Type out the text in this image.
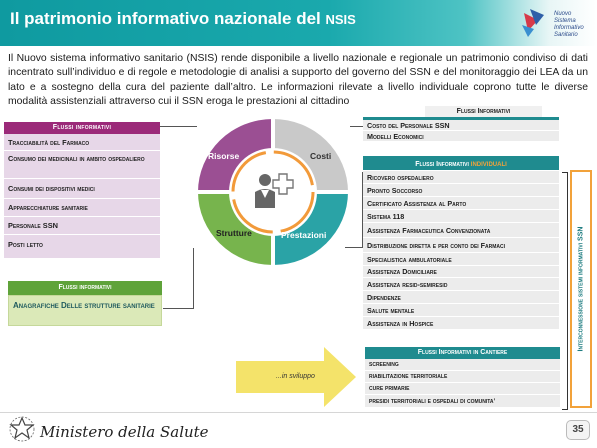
Il patrimonio informativo nazionale del NSIS	Nuovo
Sistema
Informativo
Sanitario
Il Nuovo sistema informativo sanitario (NSIS) rende disponibile a livello nazionale e regionale un patrimonio condiviso di dati incentrato sull’individuo e di regole e metodologie di analisi a supporto del governo del SSN e del monitoraggio dei LEA da un lato e a sostegno della cura del paziente dall’altro. Le informazioni rilevate a livello individuale coprono tutte le diverse modalità assistenziali attraverso cui il SSN eroga le prestazioni al cittadino
Flussi informativi
Tracciabilità del Farmaco
Consumo dei medicinali in ambito ospedaliero
Consumi dei dispositivi medici
Apparecchiature sanitarie
Personale SSN
Posti letto
Flussi informativi
Anagrafiche Delle strutture sanitarie
Risorse	Costi
Strutture	Prestazioni
Flussi Informativi
Costo del Personale SSN
Modelli Economici
Flussi Informativi individuali
Ricovero ospedaliero
Pronto Soccorso
Certificato Assistenza al Parto
Sistema 118
Assistenza Farmaceutica Convenzionata
Distribuzione diretta e per conto dei Farmaci
Specialistica ambulatoriale
Assistenza Domiciliare
Assistenza resid-semiresid
Dipendenze
Salute mentale
Assistenza in Hospice	Interconnessione sistemi informativi SSN
...in sviluppo
Flussi Informativi in Cantiere
screening
riabilitazione territoriale
cure primarie
presidi territoriali e ospedali di comunita’
Ministero della Salute	35
